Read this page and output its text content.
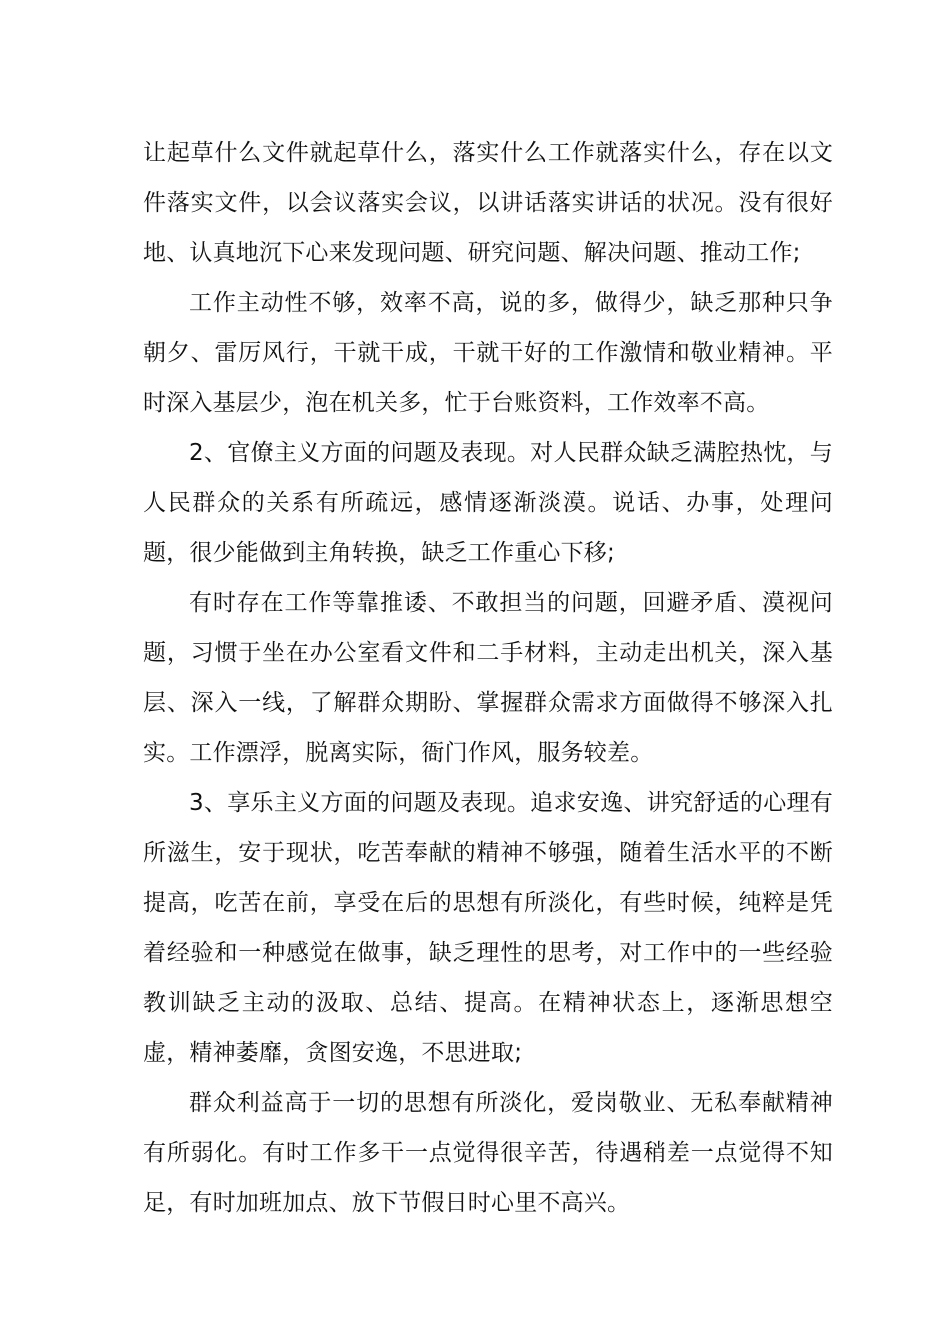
让起草什么文件就起草什么，落实什么工作就落实什么，存在以文件落实文件，以会议落实会议，以讲话落实讲话的状况。没有很好地、认真地沉下心来发现问题、研究问题、解决问题、推动工作;

工作主动性不够，效率不高，说的多，做得少，缺乏那种只争朝夕、雷厉风行，干就干成，干就干好的工作激情和敬业精神。平时深入基层少，泡在机关多，忙于台账资料，工作效率不高。

2、官僚主义方面的问题及表现。对人民群众缺乏满腔热忱，与人民群众的关系有所疏远，感情逐渐淡漠。说话、办事，处理问题，很少能做到主角转换，缺乏工作重心下移;

有时存在工作等靠推诿、不敢担当的问题，回避矛盾、漠视问题，习惯于坐在办公室看文件和二手材料，主动走出机关，深入基层、深入一线，了解群众期盼、掌握群众需求方面做得不够深入扎实。工作漂浮，脱离实际，衙门作风，服务较差。

3、享乐主义方面的问题及表现。追求安逸、讲究舒适的心理有所滋生，安于现状，吃苦奉献的精神不够强，随着生活水平的不断提高，吃苦在前，享受在后的思想有所淡化，有些时候，纯粹是凭着经验和一种感觉在做事，缺乏理性的思考，对工作中的一些经验教训缺乏主动的汲取、总结、提高。在精神状态上，逐渐思想空虚，精神萎靡，贪图安逸，不思进取;

群众利益高于一切的思想有所淡化，爱岗敬业、无私奉献精神有所弱化。有时工作多干一点觉得很辛苦，待遇稍差一点觉得不知足，有时加班加点、放下节假日时心里不高兴。
